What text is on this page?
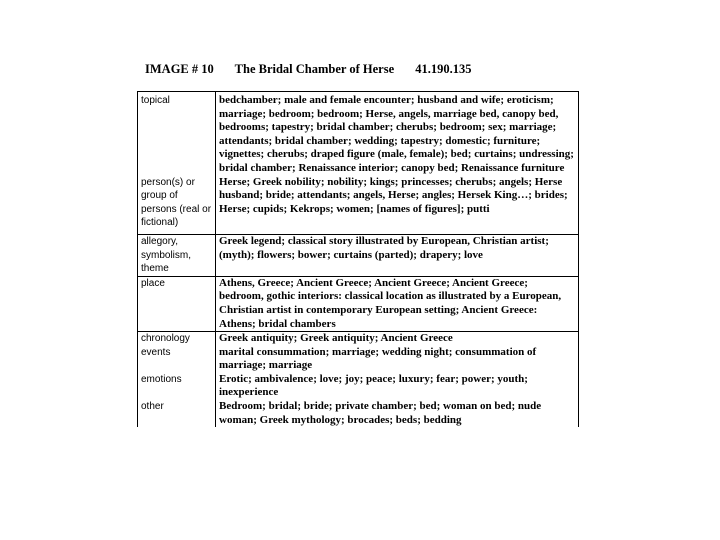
IMAGE # 10 The Bridal Chamber of Herse 41.190.135
topical	bedchamber; male and female encounter; husband and wife; eroticism; marriage; bedroom; bedroom; Herse, angels, marriage bed, canopy bed, bedrooms; tapestry; bridal chamber; cherubs; bedroom; sex; marriage; attendants; bridal chamber; wedding; tapestry; domestic; furniture; vignettes; cherubs; draped figure (male, female); bed; curtains; undressing; bridal chamber; Renaissance interior; canopy bed; Renaissance furniture
person(s) or group of persons (real or fictional)	Herse; Greek nobility; nobility; kings; princesses; cherubs; angels; Herse husband; bride; attendants; angels, Herse; angles; Hersek King…; brides; Herse; cupids; Kekrops; women; [names of figures]; putti
allegory, symbolism, theme	Greek legend; classical story illustrated by European, Christian artist; (myth); flowers; bower; curtains (parted); drapery; love
place	Athens, Greece; Ancient Greece; Ancient Greece; Ancient Greece; bedroom, gothic interiors: classical location as illustrated by a European, Christian artist in contemporary European setting; Ancient Greece: Athens; bridal chambers
chronology	Greek antiquity; Greek antiquity; Ancient Greece
events	marital consummation; marriage; wedding night; consummation of marriage; marriage
emotions	Erotic; ambivalence; love; joy; peace; luxury; fear; power; youth; inexperience
other	Bedroom; bridal; bride; private chamber; bed; woman on bed; nude woman; Greek mythology; brocades; beds; bedding
